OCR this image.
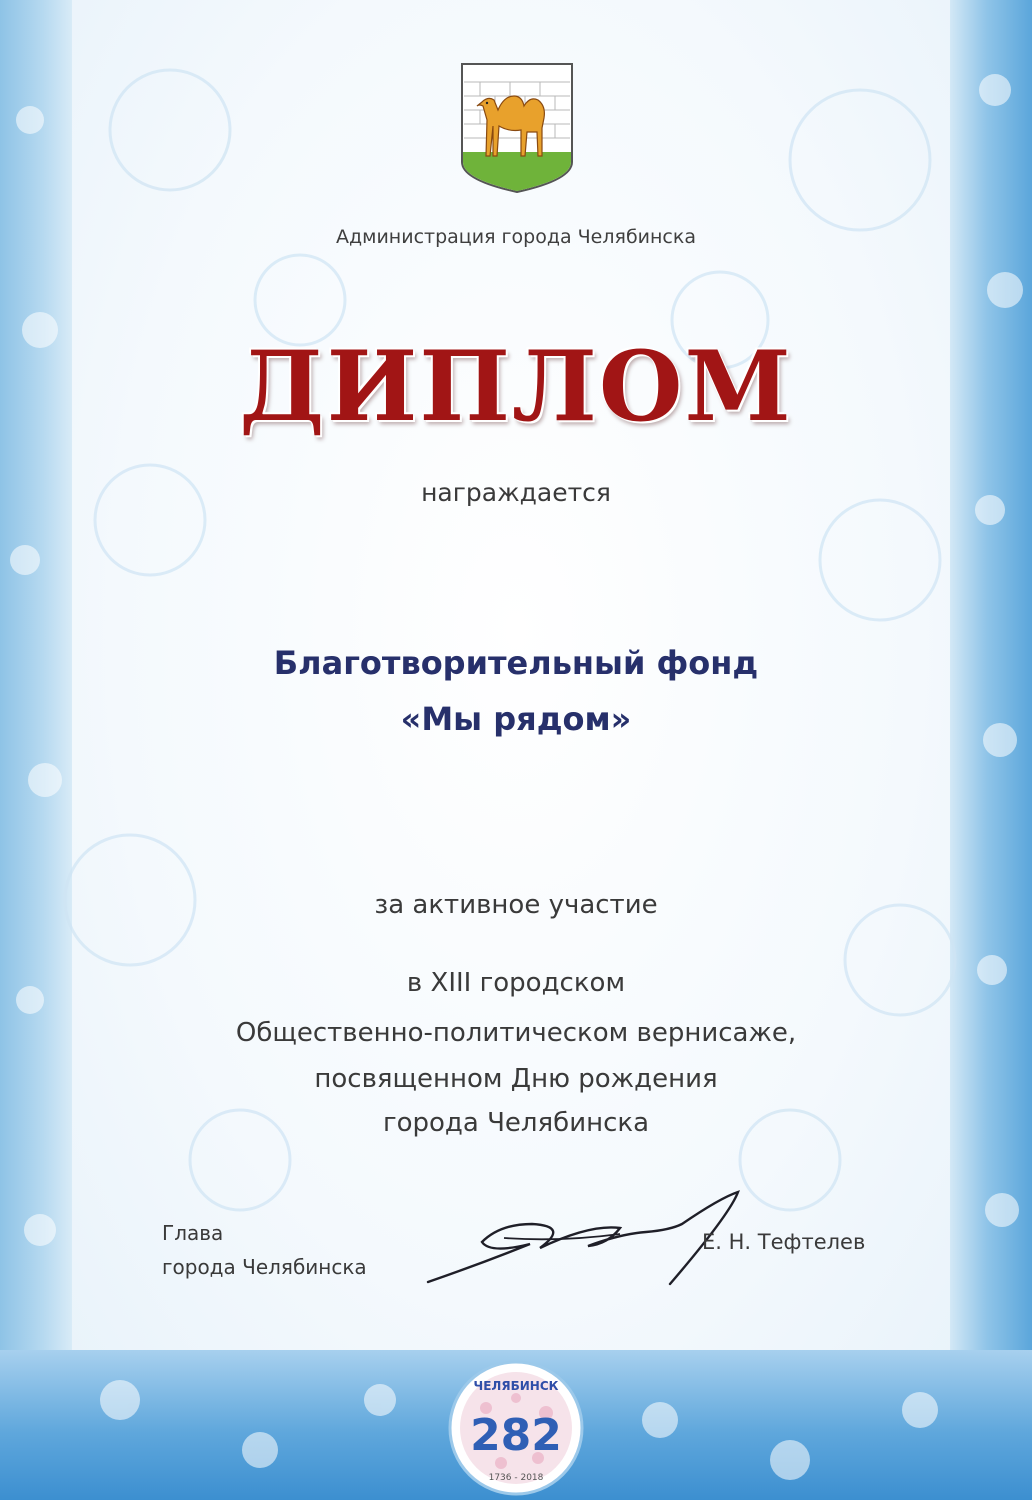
Администрация города Челябинска
ДИПЛОМ
награждается
Благотворительный фонд
«Мы рядом»
за активное участие
в XIII городском
Общественно-политическом вернисаже,
посвященном Дню рождения
города Челябинска
Глава
города Челябинска
Е. Н. Тефтелев
ЧЕЛЯБИНСК
282
1736 - 2018
